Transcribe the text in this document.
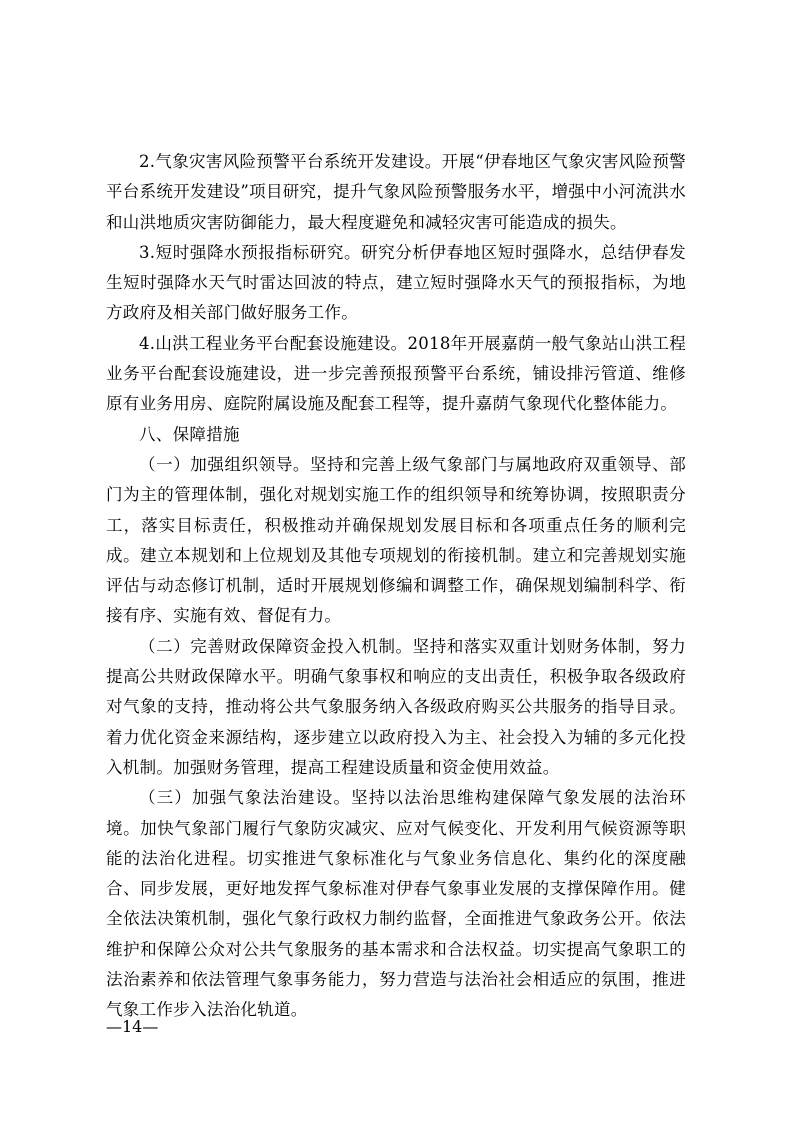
2.气象灾害风险预警平台系统开发建设。开展“伊春地区气象灾害风险预警平台系统开发建设”项目研究，提升气象风险预警服务水平，增强中小河流洪水和山洪地质灾害防御能力，最大程度避免和减轻灾害可能造成的损失。

3.短时强降水预报指标研究。研究分析伊春地区短时强降水，总结伊春发生短时强降水天气时雷达回波的特点，建立短时强降水天气的预报指标，为地方政府及相关部门做好服务工作。

4.山洪工程业务平台配套设施建设。2018年开展嘉荫一般气象站山洪工程业务平台配套设施建设，进一步完善预报预警平台系统，铺设排污管道、维修原有业务用房、庭院附属设施及配套工程等，提升嘉荫气象现代化整体能力。

八、保障措施

（一）加强组织领导。坚持和完善上级气象部门与属地政府双重领导、部门为主的管理体制，强化对规划实施工作的组织领导和统筹协调，按照职责分工，落实目标责任，积极推动并确保规划发展目标和各项重点任务的顺利完成。建立本规划和上位规划及其他专项规划的衔接机制。建立和完善规划实施评估与动态修订机制，适时开展规划修编和调整工作，确保规划编制科学、衔接有序、实施有效、督促有力。

（二）完善财政保障资金投入机制。坚持和落实双重计划财务体制，努力提高公共财政保障水平。明确气象事权和响应的支出责任，积极争取各级政府对气象的支持，推动将公共气象服务纳入各级政府购买公共服务的指导目录。着力优化资金来源结构，逐步建立以政府投入为主、社会投入为辅的多元化投入机制。加强财务管理，提高工程建设质量和资金使用效益。

（三）加强气象法治建设。坚持以法治思维构建保障气象发展的法治环境。加快气象部门履行气象防灾减灾、应对气候变化、开发利用气候资源等职能的法治化进程。切实推进气象标准化与气象业务信息化、集约化的深度融合、同步发展，更好地发挥气象标准对伊春气象事业发展的支撑保障作用。健全依法决策机制，强化气象行政权力制约监督，全面推进气象政务公开。依法维护和保障公众对公共气象服务的基本需求和合法权益。切实提高气象职工的法治素养和依法管理气象事务能力，努力营造与法治社会相适应的氛围，推进气象工作步入法治化轨道。

—14—
